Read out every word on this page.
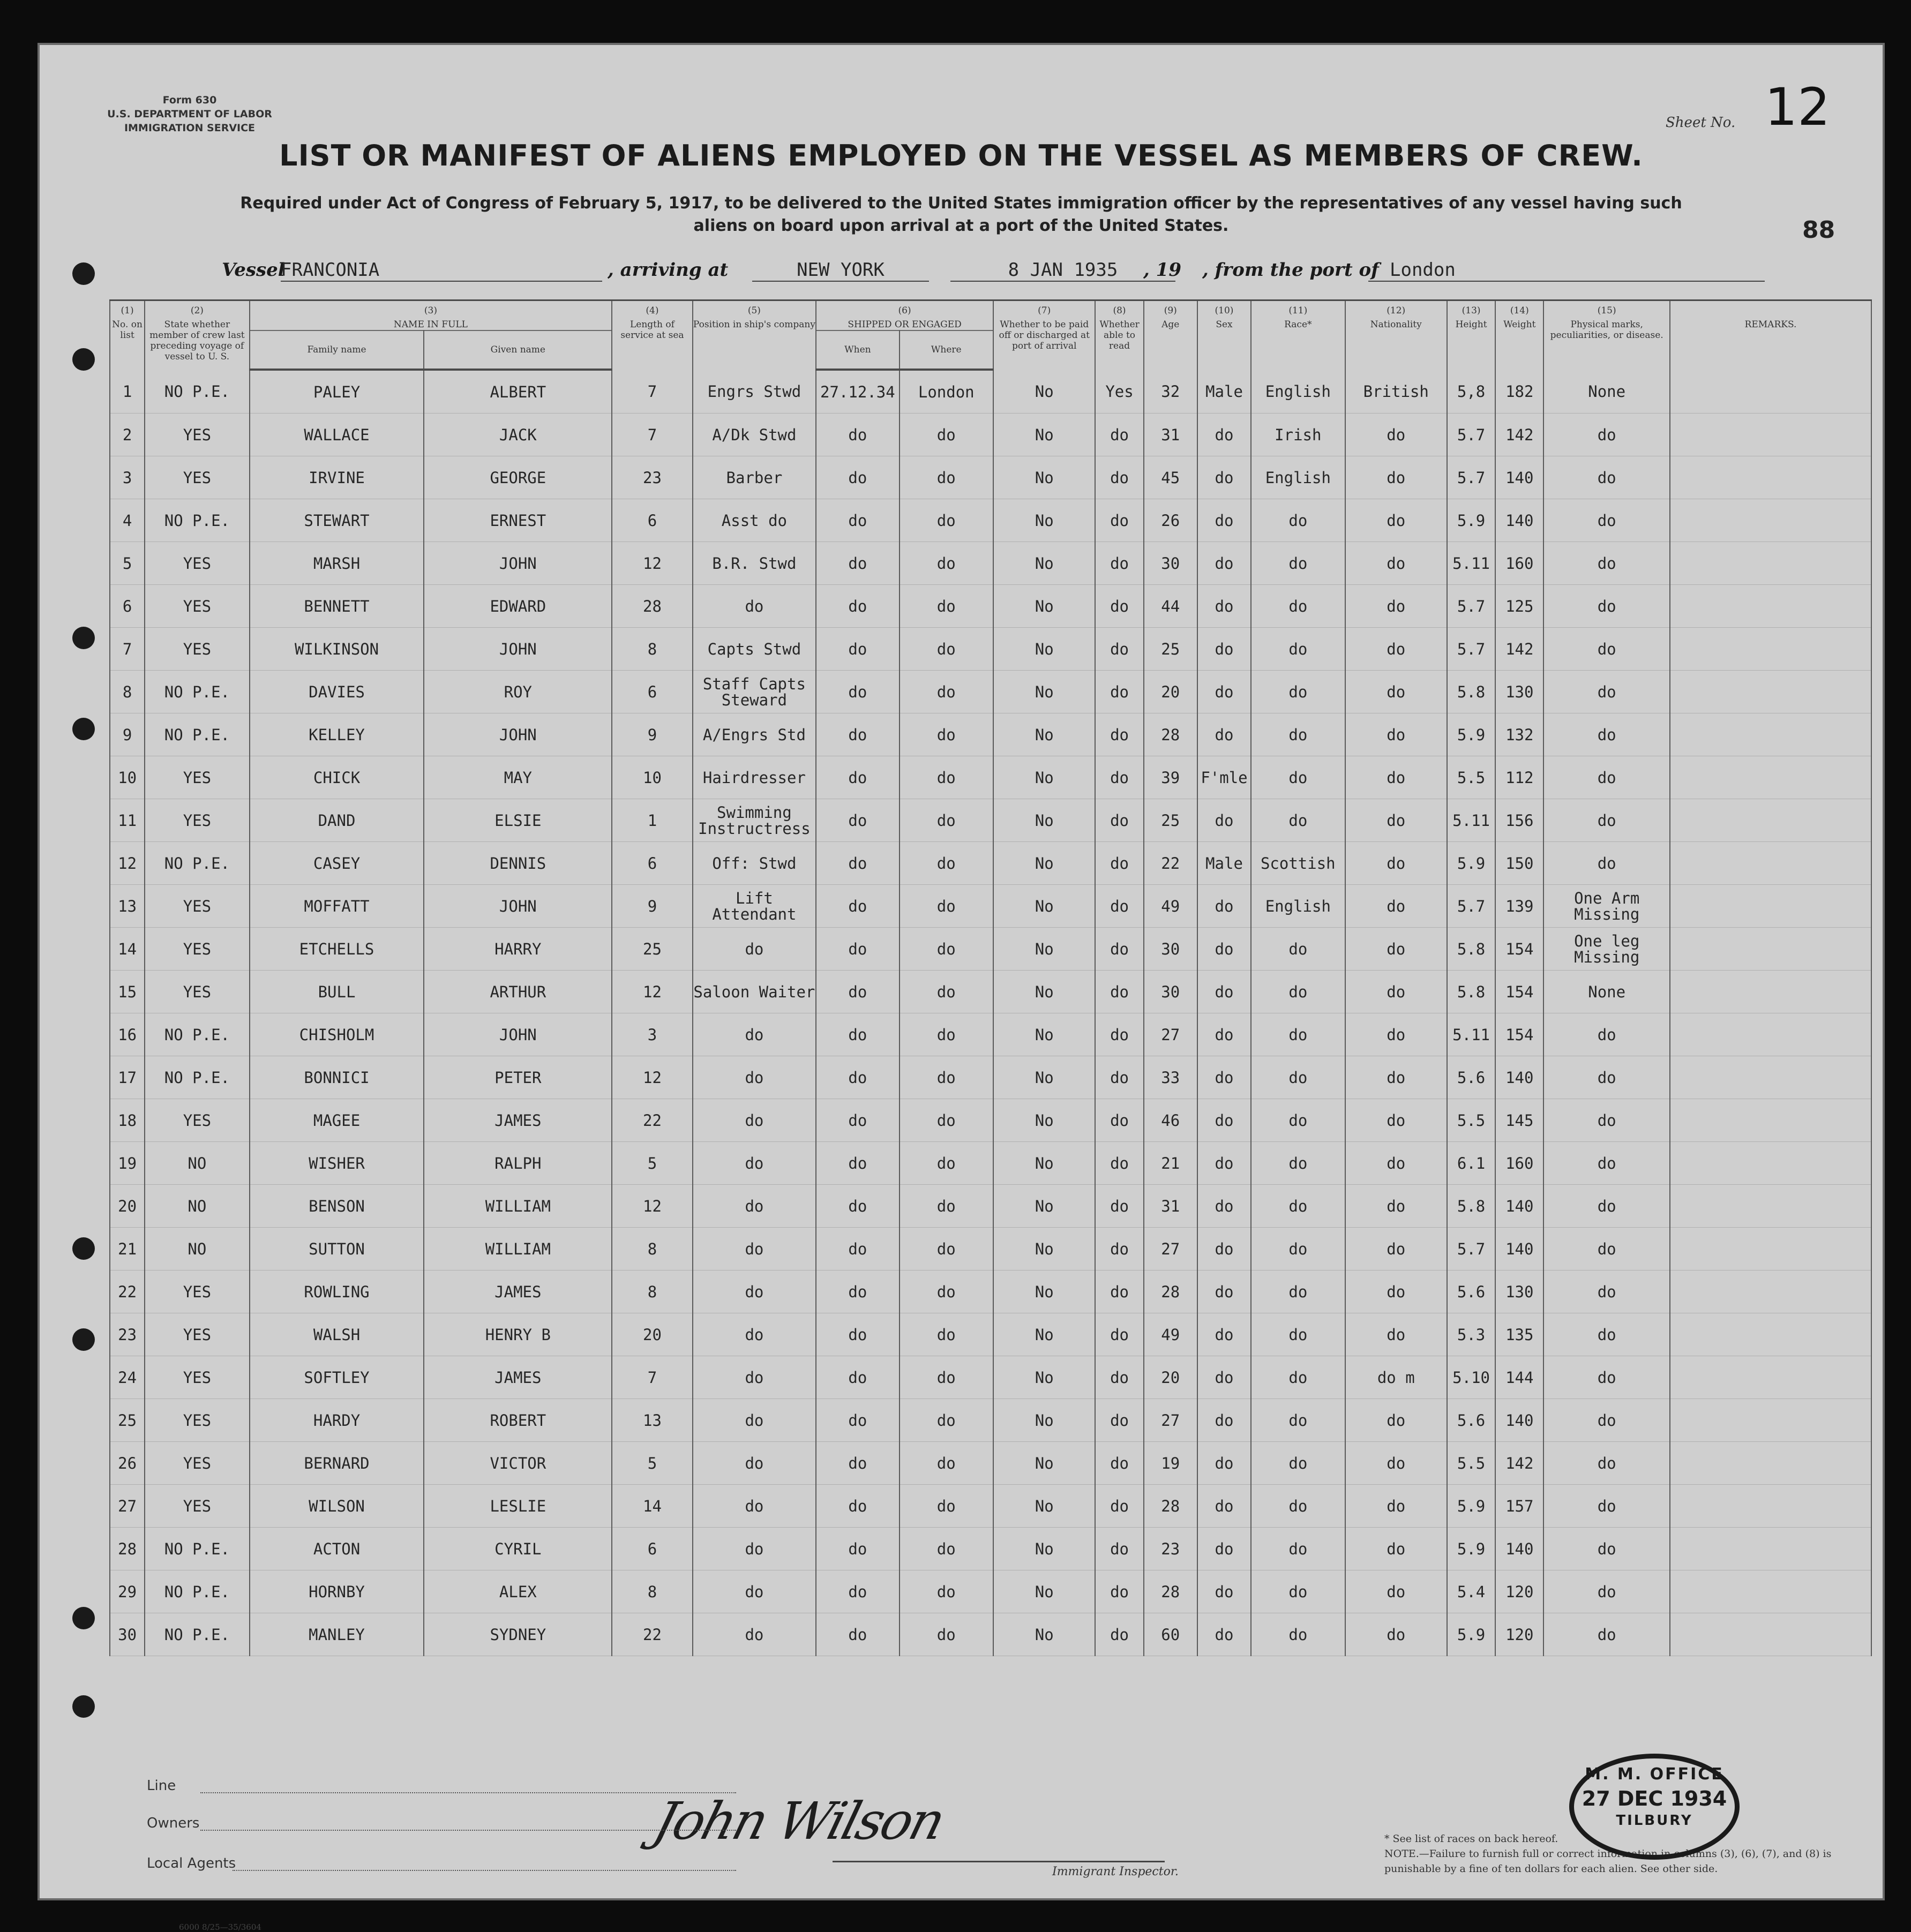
Form 630
U.S. DEPARTMENT OF LABOR
IMMIGRATION SERVICE	Sheet No. 12
88
LIST OR MANIFEST OF ALIENS EMPLOYED ON THE VESSEL AS MEMBERS OF CREW.
Required under Act of Congress of February 5, 1917, to be delivered to the United States immigration officer by the representatives of any vessel having such
aliens on board upon arrival at a port of the United States.
Vessel
FRANCONIA	, arriving at	NEW YORK	8 JAN 1935	, 19 , from the port of London
(1)
No. on list	(2)
State whether member of crew last preceding voyage of vessel to U. S.	(3)
NAME IN FULL		(4)
Length of service at sea	(5)
Position in ship's company	(6)
SHIPPED OR ENGAGED		(7)
Whether to be paid off or discharged at port of arrival	(8)
Whether able to read	(9)
Age	(10)
Sex	(11)
Race*	(12)
Nationality	(13)
Height	(14)
Weight	(15)
Physical marks, peculiarities, or disease.	REMARKS.
		Family name	Given name			When	Where										
1	NO P.E.	PALEY	ALBERT	7	Engrs Stwd	27.12.34	London	No	Yes	32	Male	English	British	5,8	182	None	
2	YES	WALLACE	JACK	7	A/Dk Stwd	do	do	No	do	31	do	Irish	do	5.7	142	do	
3	YES	IRVINE	GEORGE	23	Barber	do	do	No	do	45	do	English	do	5.7	140	do	
4	NO P.E.	STEWART	ERNEST	6	Asst do	do	do	No	do	26	do	do	do	5.9	140	do	
5	YES	MARSH	JOHN	12	B.R. Stwd	do	do	No	do	30	do	do	do	5.11	160	do	
6	YES	BENNETT	EDWARD	28	do	do	do	No	do	44	do	do	do	5.7	125	do	
7	YES	WILKINSON	JOHN	8	Capts Stwd	do	do	No	do	25	do	do	do	5.7	142	do	
8	NO P.E.	DAVIES	ROY	6	Staff Capts Steward	do	do	No	do	20	do	do	do	5.8	130	do	
9	NO P.E.	KELLEY	JOHN	9	A/Engrs Std	do	do	No	do	28	do	do	do	5.9	132	do	
10	YES	CHICK	MAY	10	Hairdresser	do	do	No	do	39	F'mle	do	do	5.5	112	do	
11	YES	DAND	ELSIE	1	Swimming Instructress	do	do	No	do	25	do	do	do	5.11	156	do	
12	NO P.E.	CASEY	DENNIS	6	Off: Stwd	do	do	No	do	22	Male	Scottish	do	5.9	150	do	
13	YES	MOFFATT	JOHN	9	Lift Attendant	do	do	No	do	49	do	English	do	5.7	139	One Arm Missing	
14	YES	ETCHELLS	HARRY	25	do	do	do	No	do	30	do	do	do	5.8	154	One leg Missing	
15	YES	BULL	ARTHUR	12	Saloon Waiter	do	do	No	do	30	do	do	do	5.8	154	None	
16	NO P.E.	CHISHOLM	JOHN	3	do	do	do	No	do	27	do	do	do	5.11	154	do	
17	NO P.E.	BONNICI	PETER	12	do	do	do	No	do	33	do	do	do	5.6	140	do	
18	YES	MAGEE	JAMES	22	do	do	do	No	do	46	do	do	do	5.5	145	do	
19	NO	WISHER	RALPH	5	do	do	do	No	do	21	do	do	do	6.1	160	do	
20	NO	BENSON	WILLIAM	12	do	do	do	No	do	31	do	do	do	5.8	140	do	
21	NO	SUTTON	WILLIAM	8	do	do	do	No	do	27	do	do	do	5.7	140	do	
22	YES	ROWLING	JAMES	8	do	do	do	No	do	28	do	do	do	5.6	130	do	
23	YES	WALSH	HENRY B	20	do	do	do	No	do	49	do	do	do	5.3	135	do	
24	YES	SOFTLEY	JAMES	7	do	do	do	No	do	20	do	do	do m	5.10	144	do	
25	YES	HARDY	ROBERT	13	do	do	do	No	do	27	do	do	do	5.6	140	do	
26	YES	BERNARD	VICTOR	5	do	do	do	No	do	19	do	do	do	5.5	142	do	
27	YES	WILSON	LESLIE	14	do	do	do	No	do	28	do	do	do	5.9	157	do	
28	NO P.E.	ACTON	CYRIL	6	do	do	do	No	do	23	do	do	do	5.9	140	do	
29	NO P.E.	HORNBY	ALEX	8	do	do	do	No	do	28	do	do	do	5.4	120	do	
30	NO P.E.	MANLEY	SYDNEY	22	do	do	do	No	do	60	do	do	do	5.9	120	do	
John Wilson
Immigrant Inspector.
Line
Owners
Local Agents
6000 8/25—35/3604
* See list of races on back hereof.
NOTE.—Failure to furnish full or correct information in columns (3), (6), (7), and (8) is punishable by a fine of ten dollars for each alien. See other side.
M. M. OFFICE
27 DEC 1934
TILBURY
